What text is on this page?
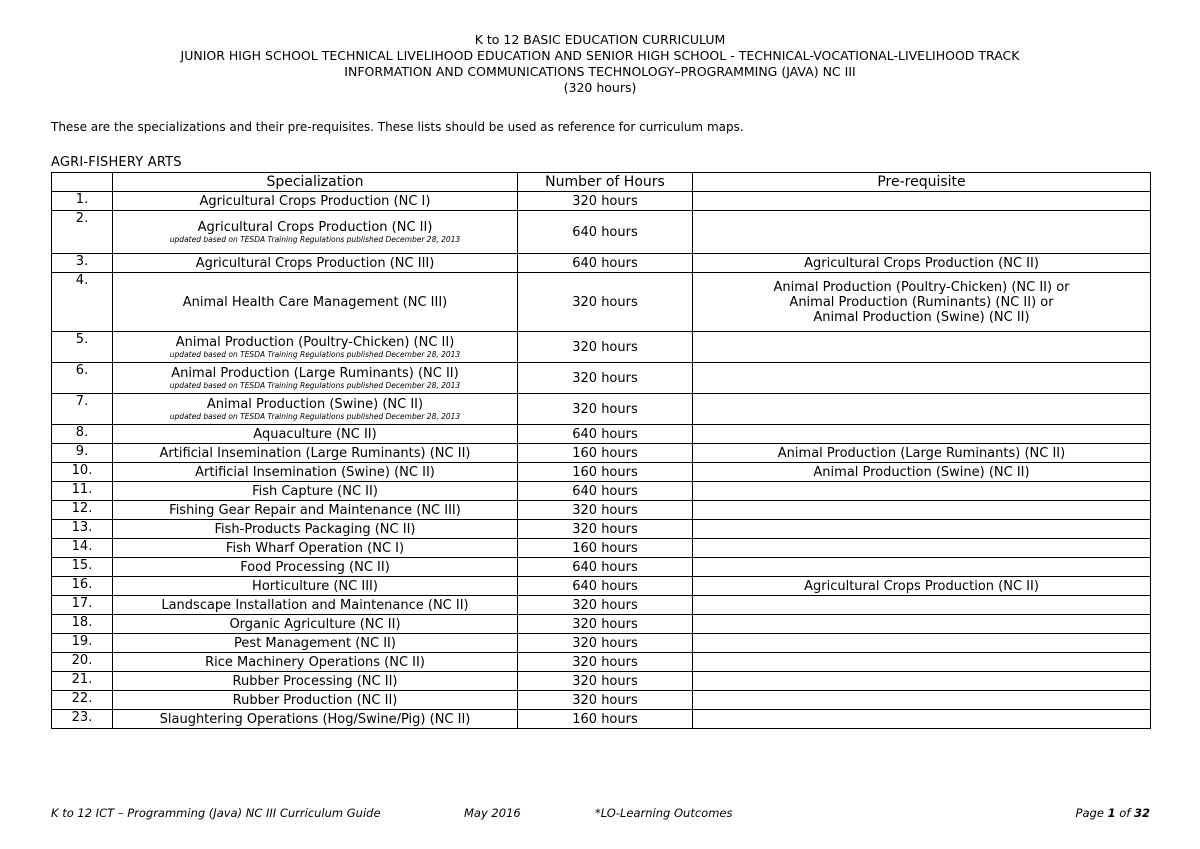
K to 12 BASIC EDUCATION CURRICULUM
JUNIOR HIGH SCHOOL TECHNICAL LIVELIHOOD EDUCATION AND SENIOR HIGH SCHOOL - TECHNICAL-VOCATIONAL-LIVELIHOOD TRACK
INFORMATION AND COMMUNICATIONS TECHNOLOGY–PROGRAMMING (JAVA) NC III
(320 hours)
These are the specializations and their pre-requisites. These lists should be used as reference for curriculum maps.
AGRI-FISHERY ARTS
	Specialization	Number of Hours	Pre-requisite
1.	Agricultural Crops Production (NC I)	320 hours	
2.	Agricultural Crops Production (NC II)
updated based on TESDA Training Regulations published December 28, 2013	640 hours	
3.	Agricultural Crops Production (NC III)	640 hours	Agricultural Crops Production (NC II)
4.	Animal Health Care Management (NC III)	320 hours	Animal Production (Poultry-Chicken) (NC II) or
Animal Production (Ruminants) (NC II) or
Animal Production (Swine) (NC II)
5.	Animal Production (Poultry-Chicken) (NC II)
updated based on TESDA Training Regulations published December 28, 2013	320 hours	
6.	Animal Production (Large Ruminants) (NC II)
updated based on TESDA Training Regulations published December 28, 2013	320 hours	
7.	Animal Production (Swine) (NC II)
updated based on TESDA Training Regulations published December 28, 2013	320 hours	
8.	Aquaculture (NC II)	640 hours	
9.	Artificial Insemination (Large Ruminants) (NC II)	160 hours	Animal Production (Large Ruminants) (NC II)
10.	Artificial Insemination (Swine) (NC II)	160 hours	Animal Production (Swine) (NC II)
11.	Fish Capture (NC II)	640 hours	
12.	Fishing Gear Repair and Maintenance (NC III)	320 hours	
13.	Fish-Products Packaging (NC II)	320 hours	
14.	Fish Wharf Operation (NC I)	160 hours	
15.	Food Processing (NC II)	640 hours	
16.	Horticulture (NC III)	640 hours	Agricultural Crops Production (NC II)
17.	Landscape Installation and Maintenance (NC II)	320 hours	
18.	Organic Agriculture (NC II)	320 hours	
19.	Pest Management (NC II)	320 hours	
20.	Rice Machinery Operations (NC II)	320 hours	
21.	Rubber Processing (NC II)	320 hours	
22.	Rubber Production (NC II)	320 hours	
23.	Slaughtering Operations (Hog/Swine/Pig) (NC II)	160 hours	
K to 12 ICT – Programming (Java) NC III Curriculum Guide	May 2016	*LO-Learning Outcomes	Page 1 of 32
